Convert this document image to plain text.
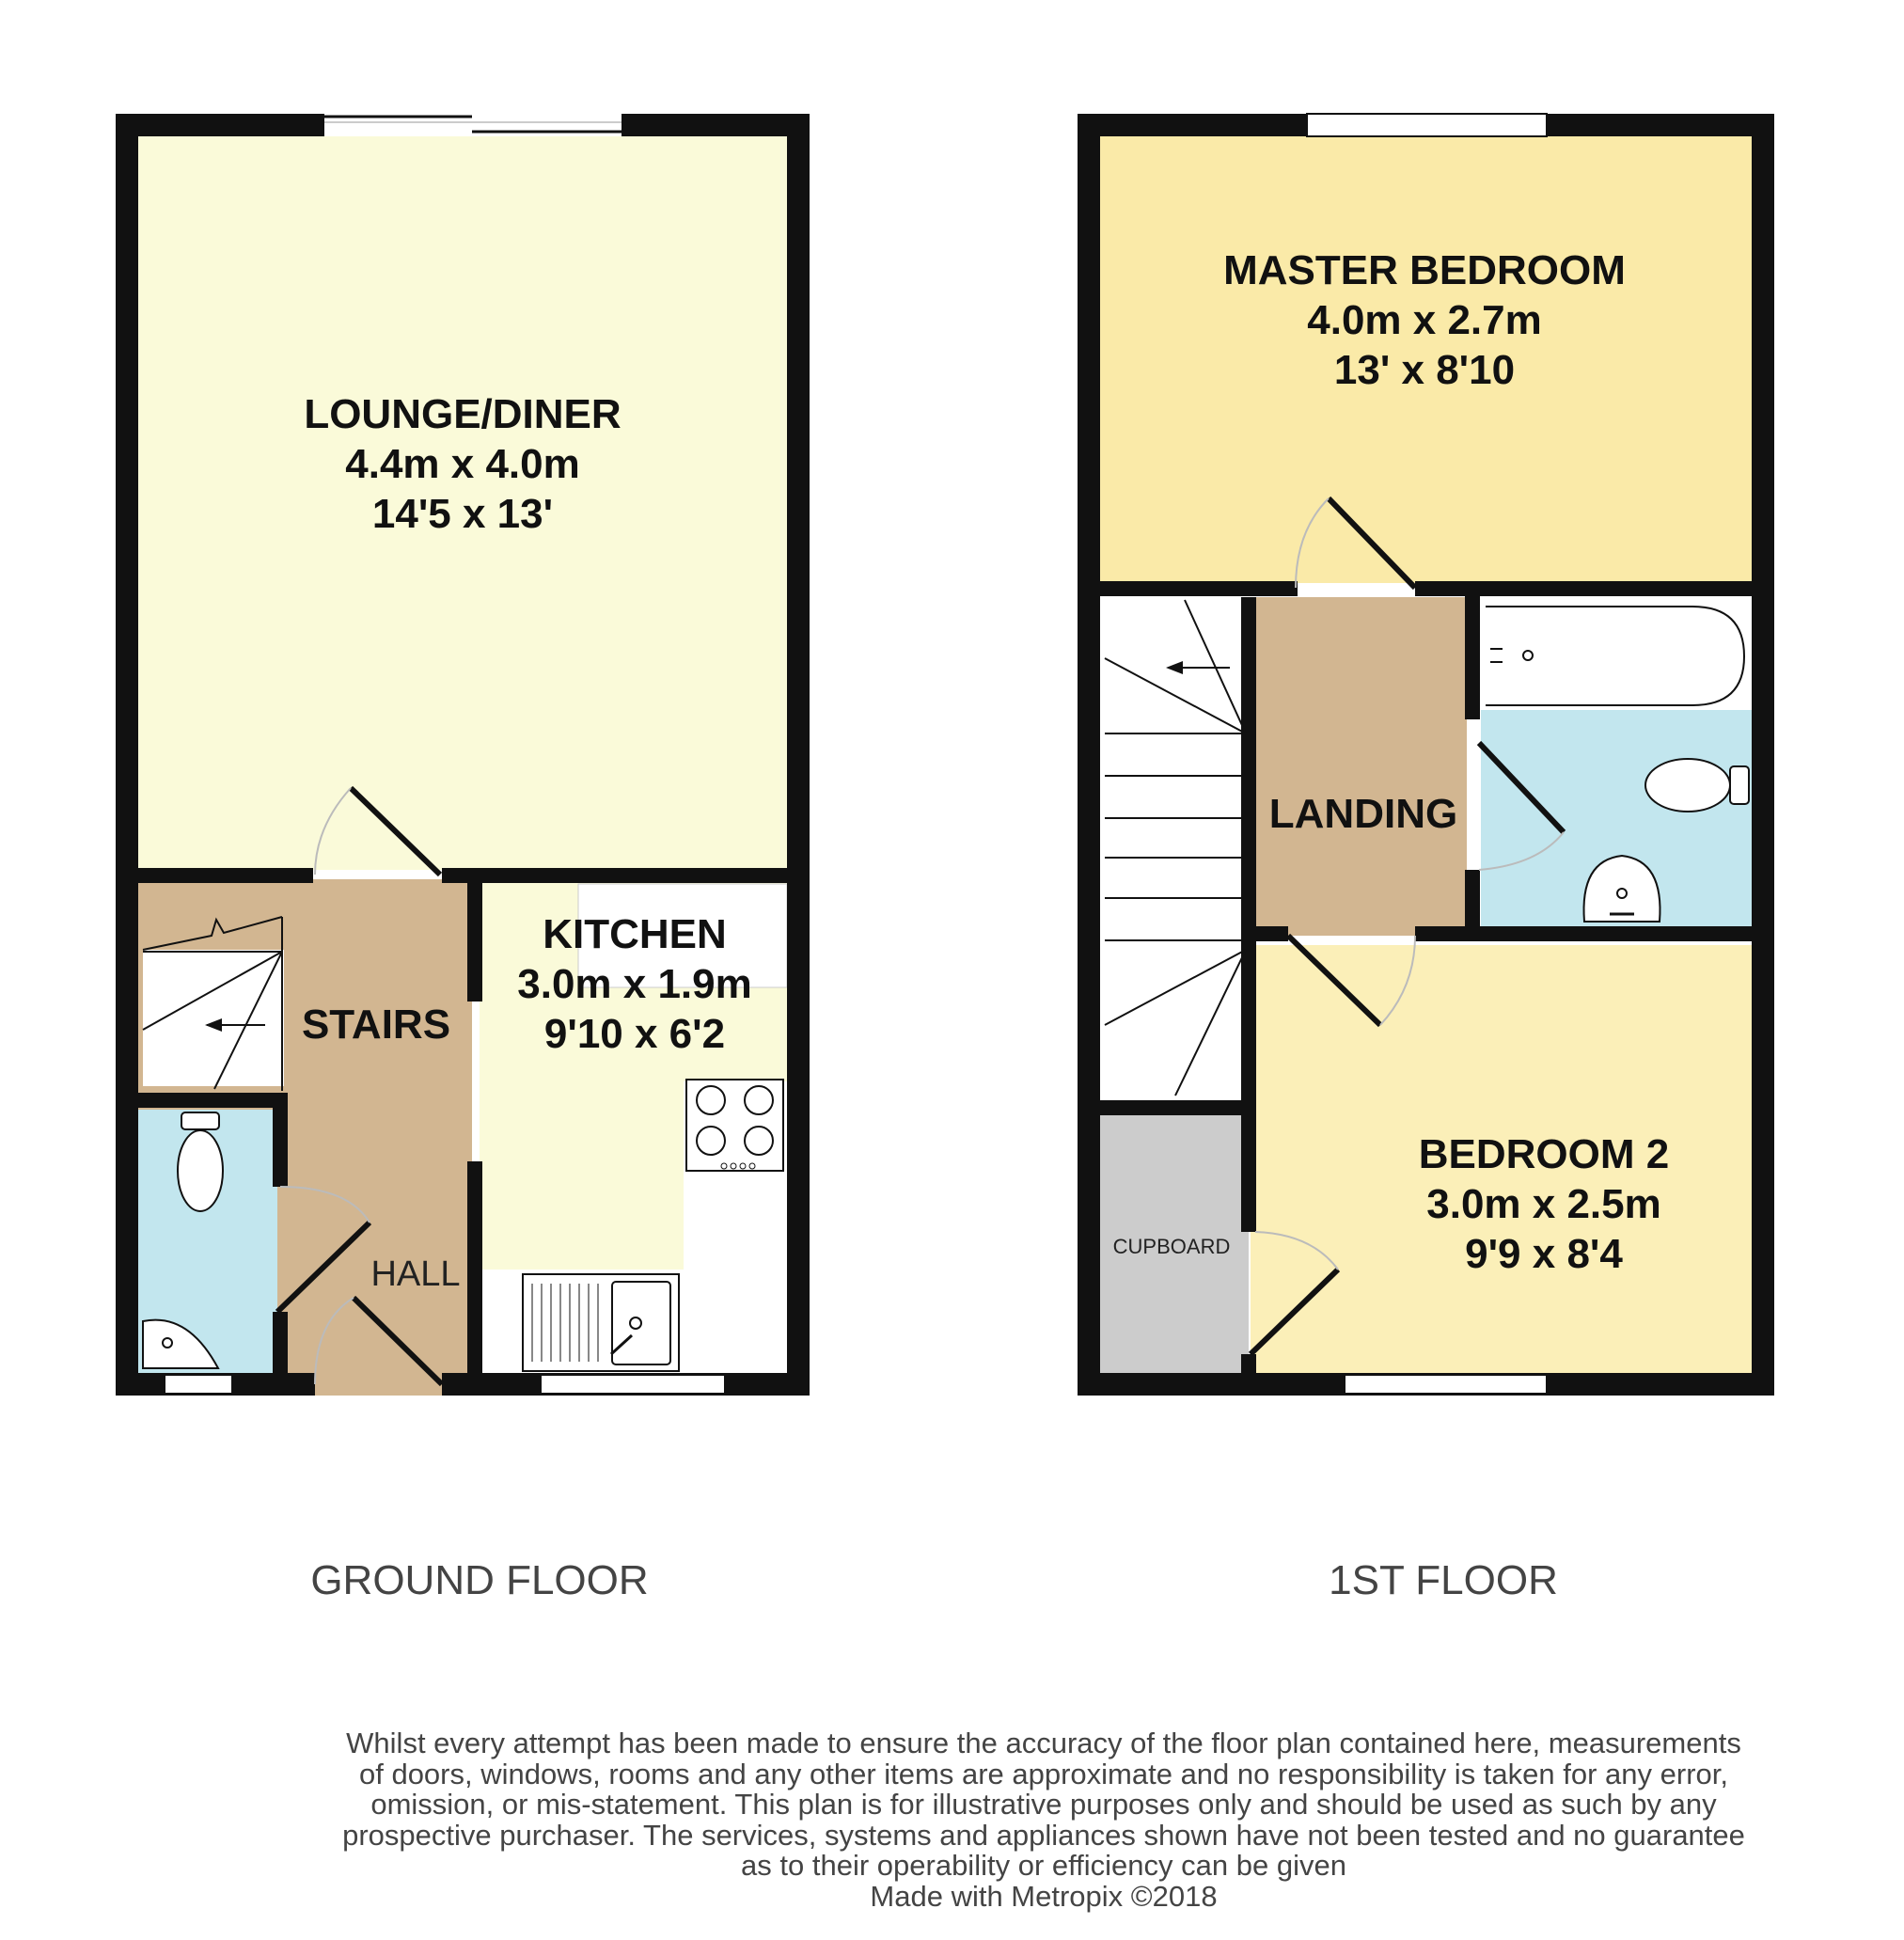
LOUNGE/DINER
4.4m x 4.0m
14'5 x 13'
KITCHEN
3.0m x 1.9m
9'10 x 6'2
STAIRS
HALL
GROUND FLOOR
MASTER BEDROOM
4.0m x 2.7m
13' x 8'10
LANDING
BEDROOM 2
3.0m x 2.5m
9'9 x 8'4
CUPBOARD
1ST FLOOR
Whilst every attempt has been made to ensure the accuracy of the floor plan contained here, measurements
of doors, windows, rooms and any other items are approximate and no responsibility is taken for any error,
omission, or mis-statement. This plan is for illustrative purposes only and should be used as such by any
prospective purchaser. The services, systems and appliances shown have not been tested and no guarantee
as to their operability or efficiency can be given
Made with Metropix ©2018
